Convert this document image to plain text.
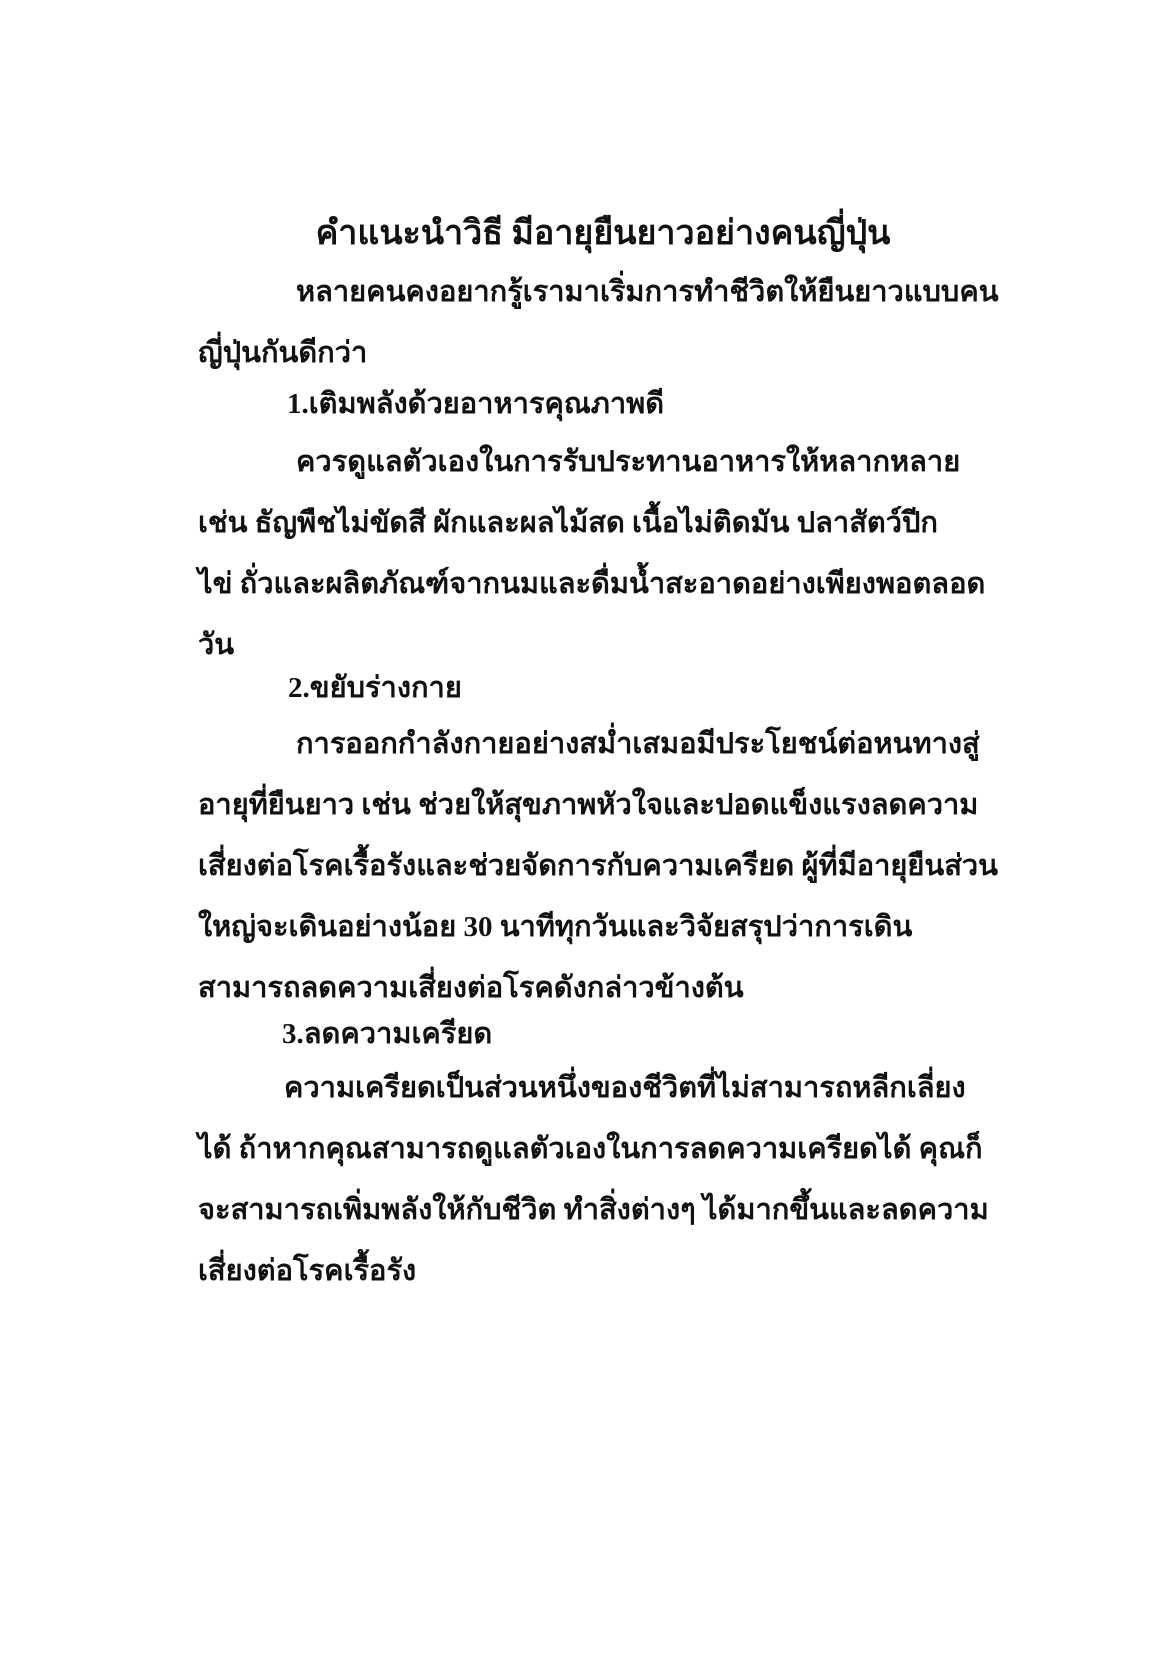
คำแนะนำวิธี มีอายุยืนยาวอย่างคนญี่ปุ่น
หลายคนคงอยากรู้เรามาเริ่มการทำชีวิตให้ยืนยาวแบบคน
ญี่ปุ่นกันดีกว่า
1.เติมพลังด้วยอาหารคุณภาพดี
ควรดูแลตัวเองในการรับประทานอาหารให้หลากหลาย
เช่น ธัญพืชไม่ขัดสี ผักและผลไม้สด เนื้อไม่ติดมัน ปลาสัตว์ปีก
ไข่ ถั่วและผลิตภัณฑ์จากนมและดื่มน้ำสะอาดอย่างเพียงพอตลอด
วัน
2.ขยับร่างกาย
การออกกำลังกายอย่างสม่ำเสมอมีประโยชน์ต่อหนทางสู่
อายุที่ยืนยาว เช่น ช่วยให้สุขภาพหัวใจและปอดแข็งแรงลดความ
เสี่ยงต่อโรคเรื้อรังและช่วยจัดการกับความเครียด ผู้ที่มีอายุยืนส่วน
ใหญ่จะเดินอย่างน้อย 30 นาทีทุกวันและวิจัยสรุปว่าการเดิน
สามารถลดความเสี่ยงต่อโรคดังกล่าวข้างต้น
3.ลดความเครียด
ความเครียดเป็นส่วนหนึ่งของชีวิตที่ไม่สามารถหลีกเลี่ยง
ได้ ถ้าหากคุณสามารถดูแลตัวเองในการลดความเครียดได้ คุณก็
จะสามารถเพิ่มพลังให้กับชีวิต ทำสิ่งต่างๆ ได้มากขึ้นและลดความ
เสี่ยงต่อโรคเรื้อรัง
